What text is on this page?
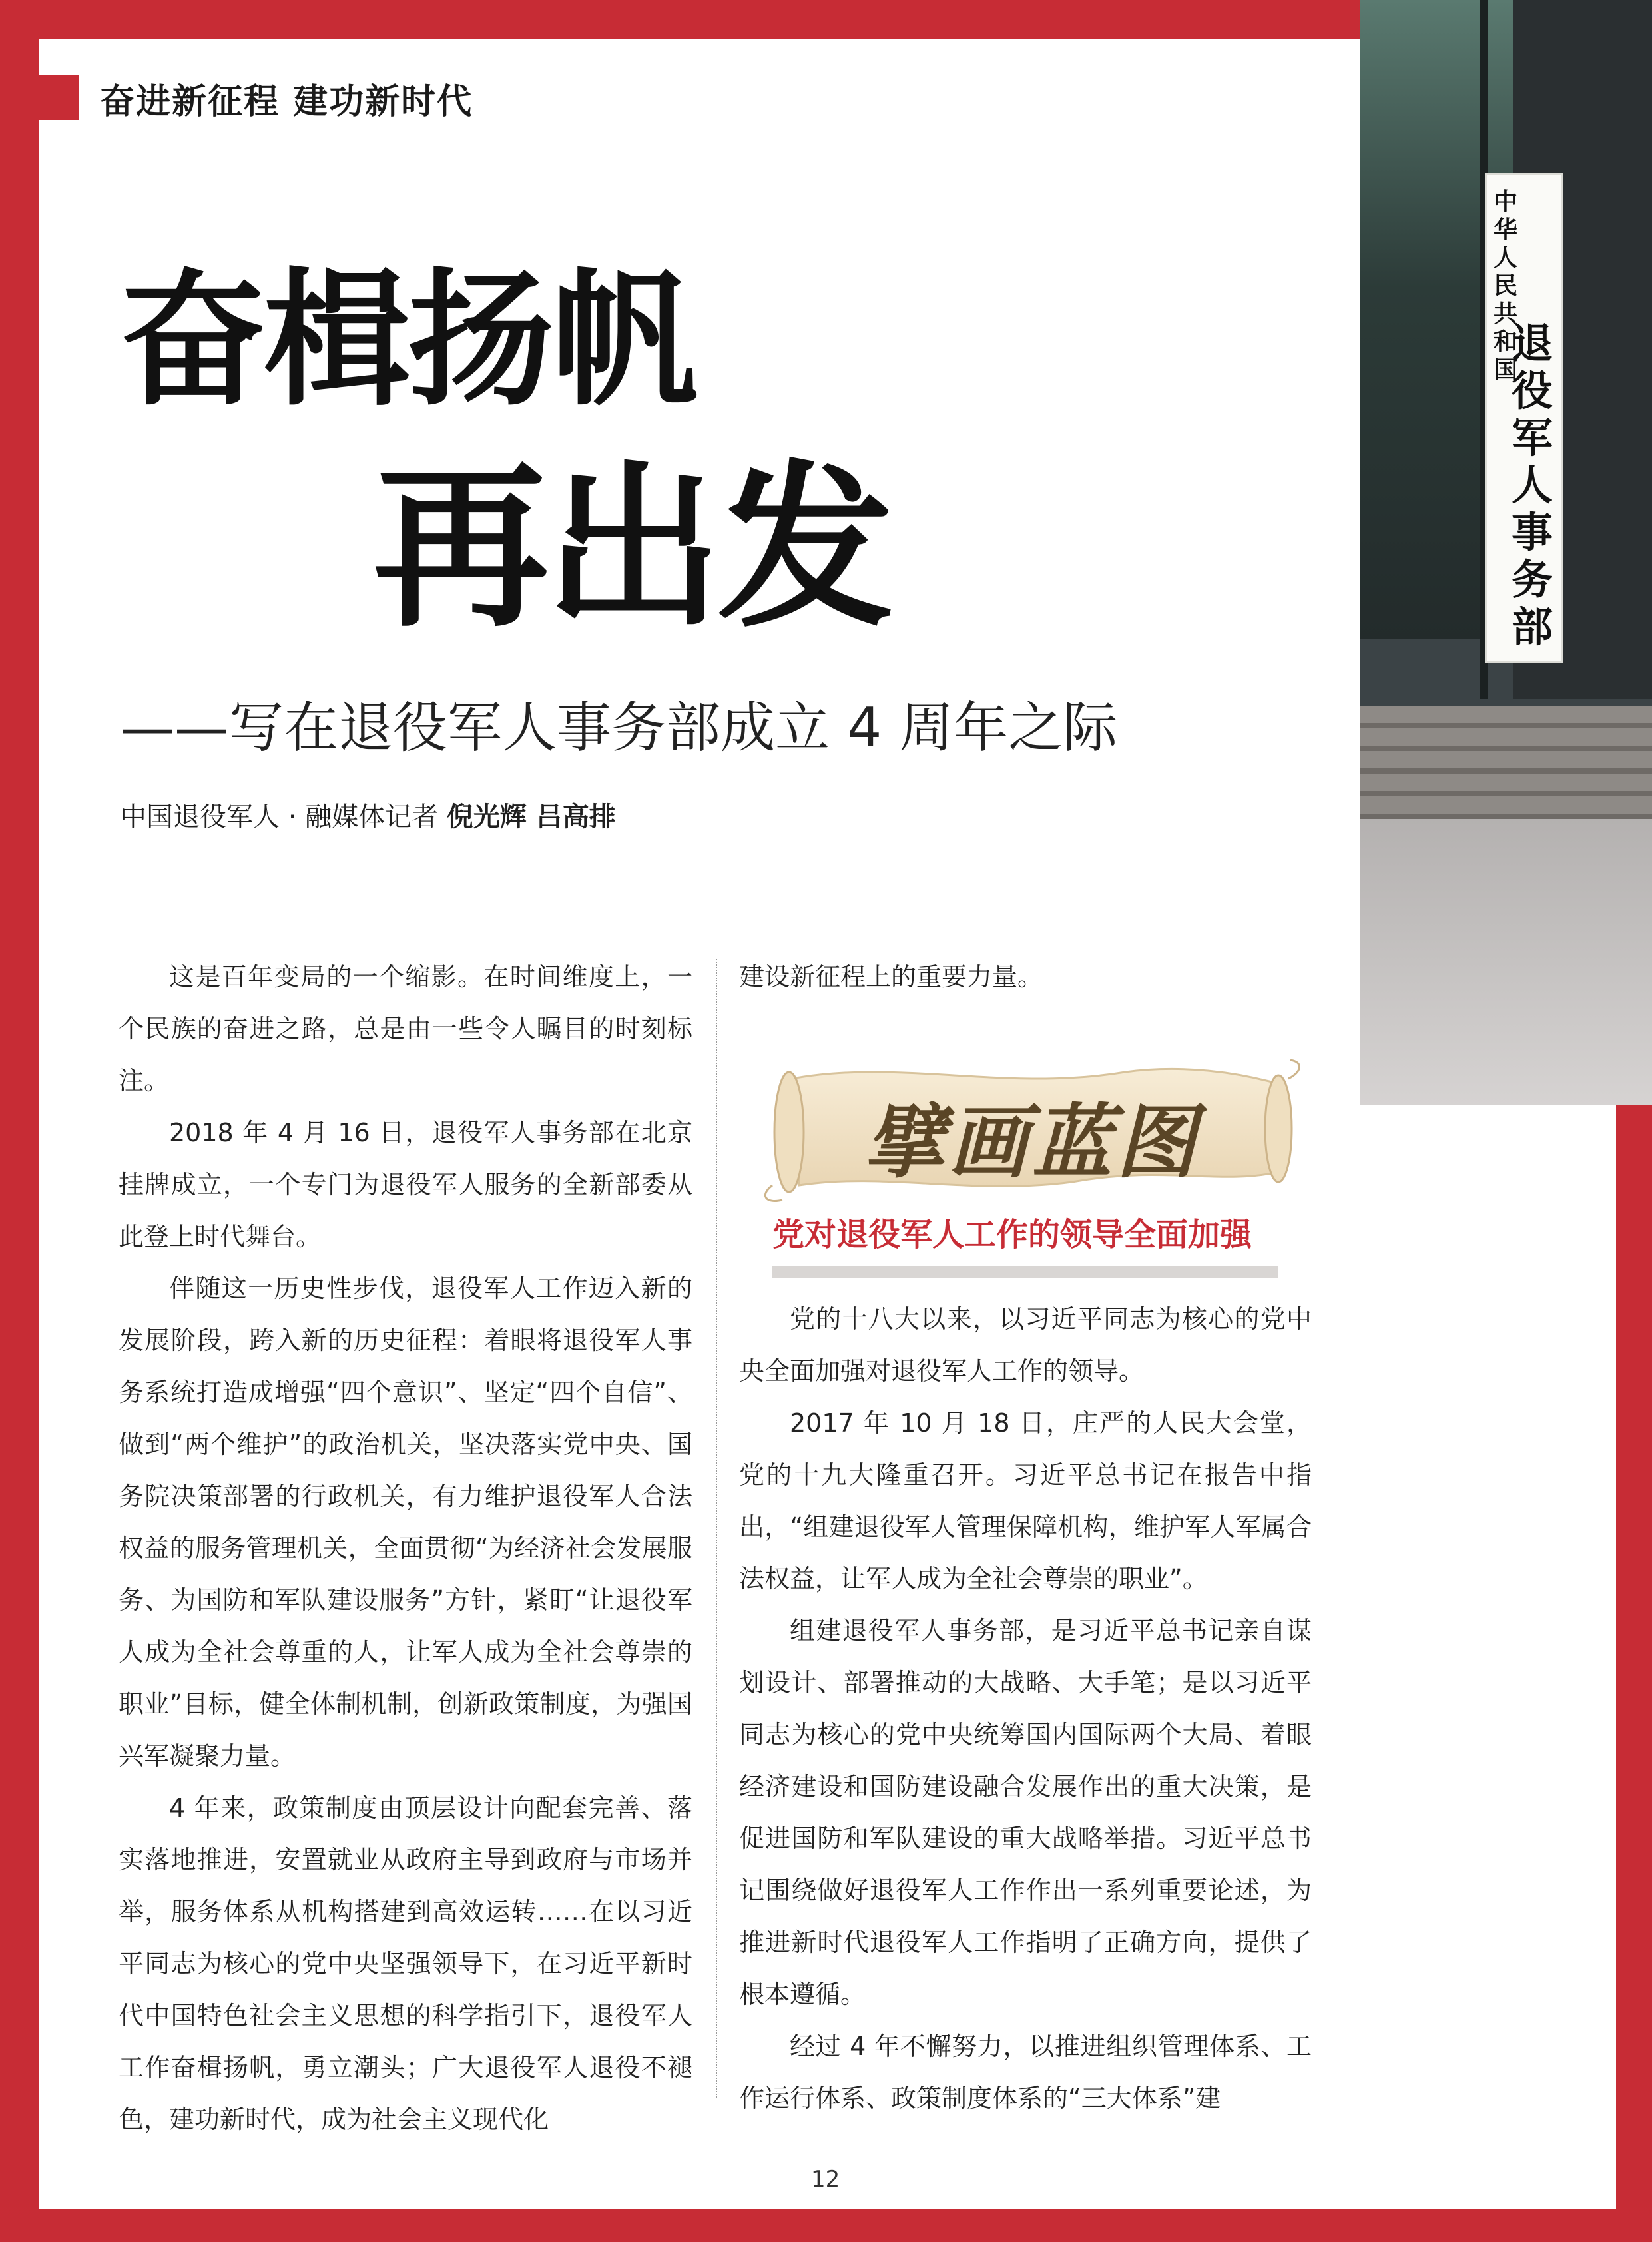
奋进新征程 建功新时代
奋楫扬帆
再出发
——写在退役军人事务部成立 4 周年之际
中国退役军人 · 融媒体记者 倪光辉 吕高排
中华人民共和国
退役军人事务部

这是百年变局的一个缩影。在时间维度上，一个民族的奋进之路，总是由一些令人瞩目的时刻标注。

2018 年 4 月 16 日，退役军人事务部在北京挂牌成立，一个专门为退役军人服务的全新部委从此登上时代舞台。

伴随这一历史性步伐，退役军人工作迈入新的发展阶段，跨入新的历史征程：着眼将退役军人事务系统打造成增强“四个意识”、坚定“四个自信”、做到“两个维护”的政治机关，坚决落实党中央、国务院决策部署的行政机关，有力维护退役军人合法权益的服务管理机关，全面贯彻“为经济社会发展服务、为国防和军队建设服务”方针，紧盯“让退役军人成为全社会尊重的人，让军人成为全社会尊崇的职业”目标，健全体制机制，创新政策制度，为强国兴军凝聚力量。

4 年来，政策制度由顶层设计向配套完善、落实落地推进，安置就业从政府主导到政府与市场并举，服务体系从机构搭建到高效运转……在以习近平同志为核心的党中央坚强领导下，在习近平新时代中国特色社会主义思想的科学指引下，退役军人工作奋楫扬帆，勇立潮头；广大退役军人退役不褪色，建功新时代，成为社会主义现代化

建设新征程上的重要力量。

擘画蓝图
党对退役军人工作的领导全面加强

党的十八大以来，以习近平同志为核心的党中央全面加强对退役军人工作的领导。

2017 年 10 月 18 日，庄严的人民大会堂，党的十九大隆重召开。习近平总书记在报告中指出，“组建退役军人管理保障机构，维护军人军属合法权益，让军人成为全社会尊崇的职业”。

组建退役军人事务部，是习近平总书记亲自谋划设计、部署推动的大战略、大手笔；是以习近平同志为核心的党中央统筹国内国际两个大局、着眼经济建设和国防建设融合发展作出的重大决策，是促进国防和军队建设的重大战略举措。习近平总书记围绕做好退役军人工作作出一系列重要论述，为推进新时代退役军人工作指明了正确方向，提供了根本遵循。

经过 4 年不懈努力，以推进组织管理体系、工作运行体系、政策制度体系的“三大体系”建

12
